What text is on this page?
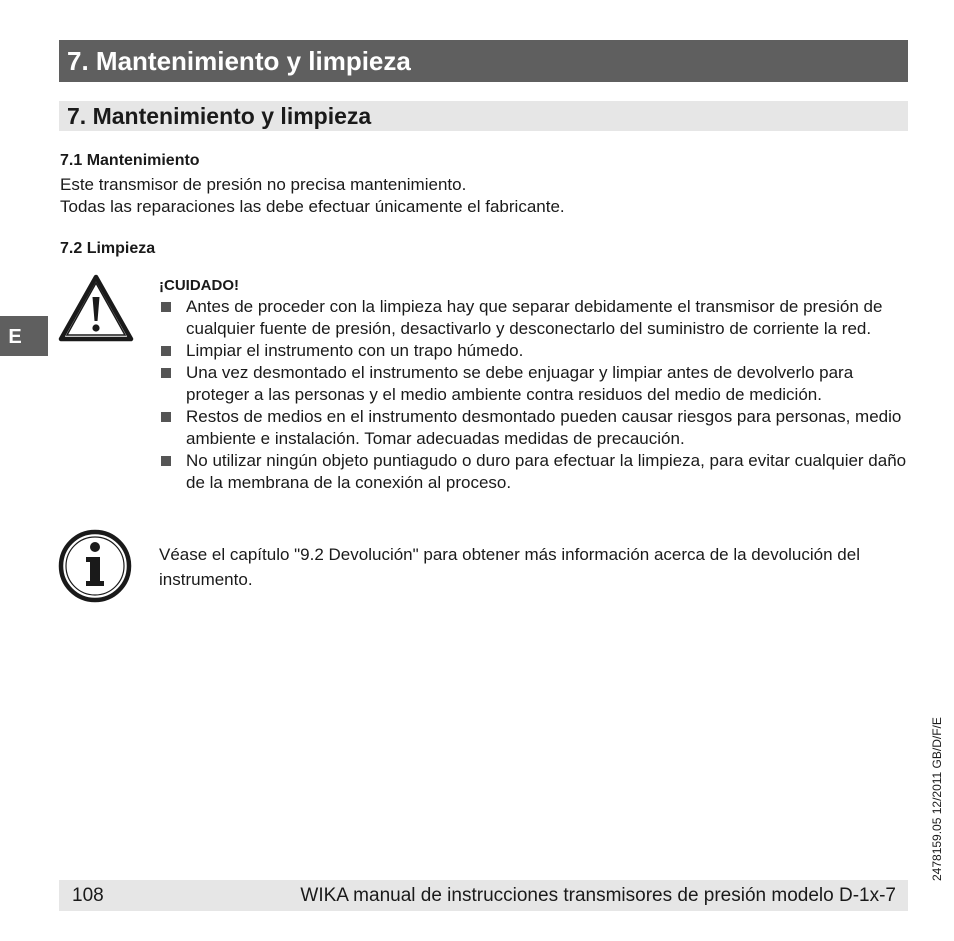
7. Mantenimiento y limpieza
7. Mantenimiento y limpieza
E
7.1 Mantenimiento
Este transmisor de presión no precisa mantenimiento.
Todas las reparaciones las debe efectuar únicamente el fabricante.
7.2 Limpieza
¡CUIDADO!
Antes de proceder con la limpieza hay que separar debidamente el transmisor de presión de cualquier fuente de presión, desactivarlo y desconectarlo del suministro de corriente la red.
Limpiar el instrumento con un trapo húmedo.
Una vez desmontado el instrumento se debe enjuagar y limpiar antes de devolverlo para proteger a las personas y el medio ambiente contra residuos del medio de medición.
Restos de medios en el instrumento desmontado pueden causar riesgos para personas, medio ambiente e instalación. Tomar adecuadas medidas de precaución.
No utilizar ningún objeto puntiagudo o duro para efectuar la limpieza, para evitar cualquier daño de la membrana de la conexión al proceso.
Véase el capítulo "9.2 Devolución" para obtener más información acerca de la devolución del instrumento.
2478159.05 12/2011 GB/D/F/E
108	WIKA manual de instrucciones transmisores de presión modelo D-1x-7
